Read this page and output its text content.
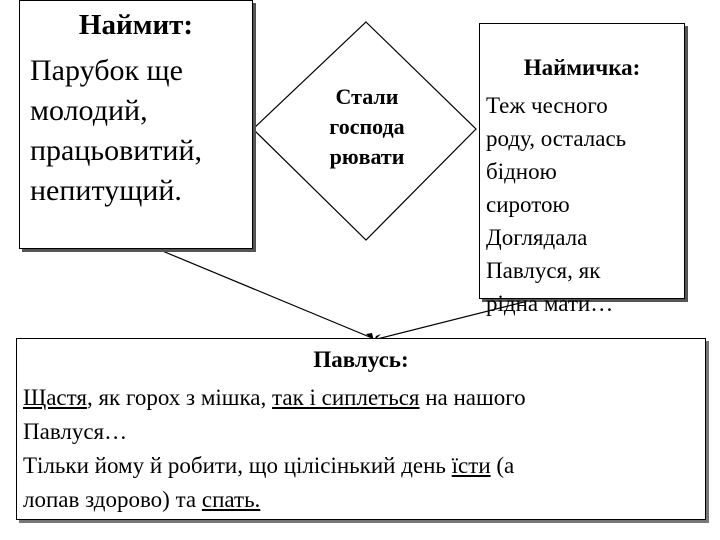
Наймит:
Парубок ще
молодий,
працьовитий,
непитущий.
Стали
господа
рювати
Наймичка:
Теж чесного
роду, осталась
бідною
сиротою
Доглядала
Павлуся, як
рідна мати…
Павлусь:
Щастя, як горох з мішка, так і сиплеться на нашого
Павлуся…
Тільки йому й робити, що цілісінький день їсти (а
лопав здорово) та спать.
